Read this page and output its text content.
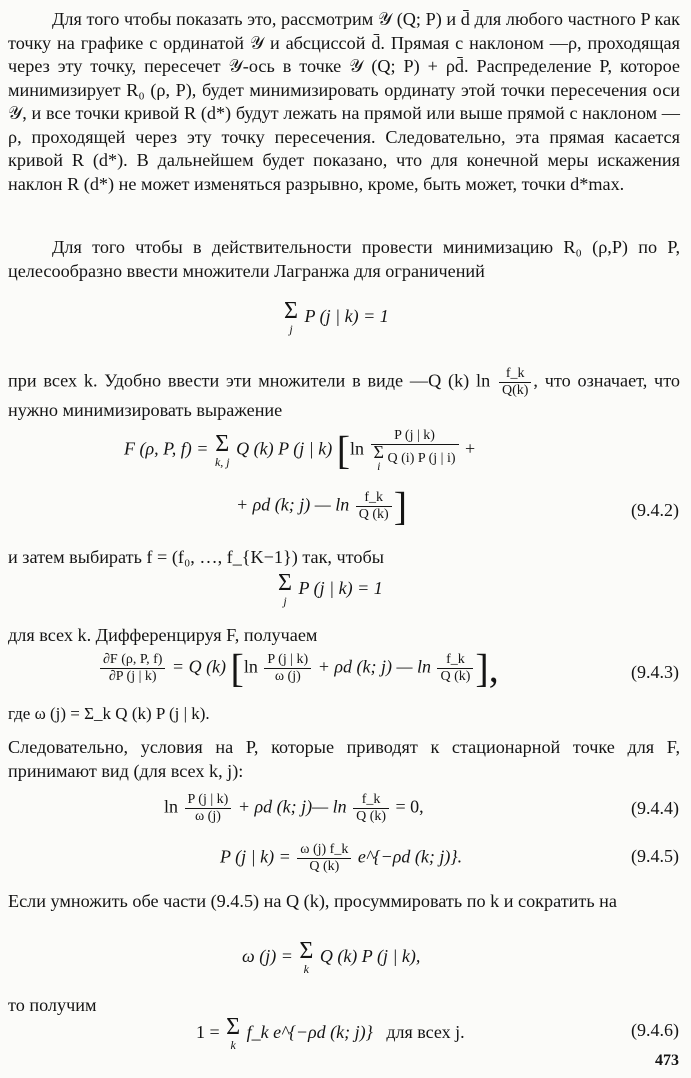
Для того чтобы показать это, рассмотрим 𝒴 (Q; P) и d̄ для любого частного P как точку на графике с ординатой 𝒴 и абсциссой d̄. Прямая с наклоном —ρ, проходящая через эту точку, пересечет 𝒴-ось в точке 𝒴 (Q; P) + ρd̄. Распределение P, которое минимизирует R₀ (ρ, P), будет минимизировать ординату этой точки пересечения оси 𝒴, и все точки кривой R (d*) будут лежать на прямой или выше прямой с наклоном —ρ, проходящей через эту точку пересечения. Следовательно, эта прямая касается кривой R (d*). В дальнейшем будет показано, что для конечной меры искажения наклон R (d*) не может изменяться разрывно, кроме, быть может, точки d*max.

Для того чтобы в действительности провести минимизацию R₀ (ρ,P) по P, целесообразно ввести множители Лагранжа для ограничений

Σ
j
P (j | k) = 1
при всех k. Удобно ввести эти множители в виде —Q (k) $\ln \frac{f\_k}{Q(k)}$ , что означает, что нужно минимизировать выражение
F (ρ, P, f) = Σ
k, j
Q (k) P (j | k) [ln P (j | k)
Σ
i Q (i) P (j | i) +
+ ρd (k; j) — $\ln \frac{f\_k}{Q (k)}$ ]	(9.4.2)

и затем выбирать f = (f₀, …, f_{K−1}) так, чтобы

Σ
j
P (j | k) = 1

для всех k. Дифференцируя F, получаем

$\frac{\partial F (\rho, P, f)}{\partial P (j | k)} = Q$ (k) [$\ln \frac{P (j | k)}{\omega (j)} + \rho d$ (k; j) — $\ln \frac{f\_k}{Q (k)}$ ],	(9.4.3)

где ω (j) = Σ_k Q (k) P (j | k).

Следовательно, условия на P, которые приводят к стационарной точке для F, принимают вид (для всех k, j):

$\ln \frac{P (j | k)}{\omega (j)} + \rho d$ (k; j)— $\ln \frac{f\_k}{Q (k)} = 0$,	(9.4.4)
P (j | $k) = \frac{\omega (j) f\_k}{Q (k)}$ e^{−ρd (k; j)}.	(9.4.5)

Если умножить обе части (9.4.5) на Q (k), просуммировать по k и сократить на

ω (j) = Σ
k
Q (k) P (j | k),

то получим

1 = Σ
k
f_k e^{−ρd (k; j)} для всех j.	(9.4.6)
473
